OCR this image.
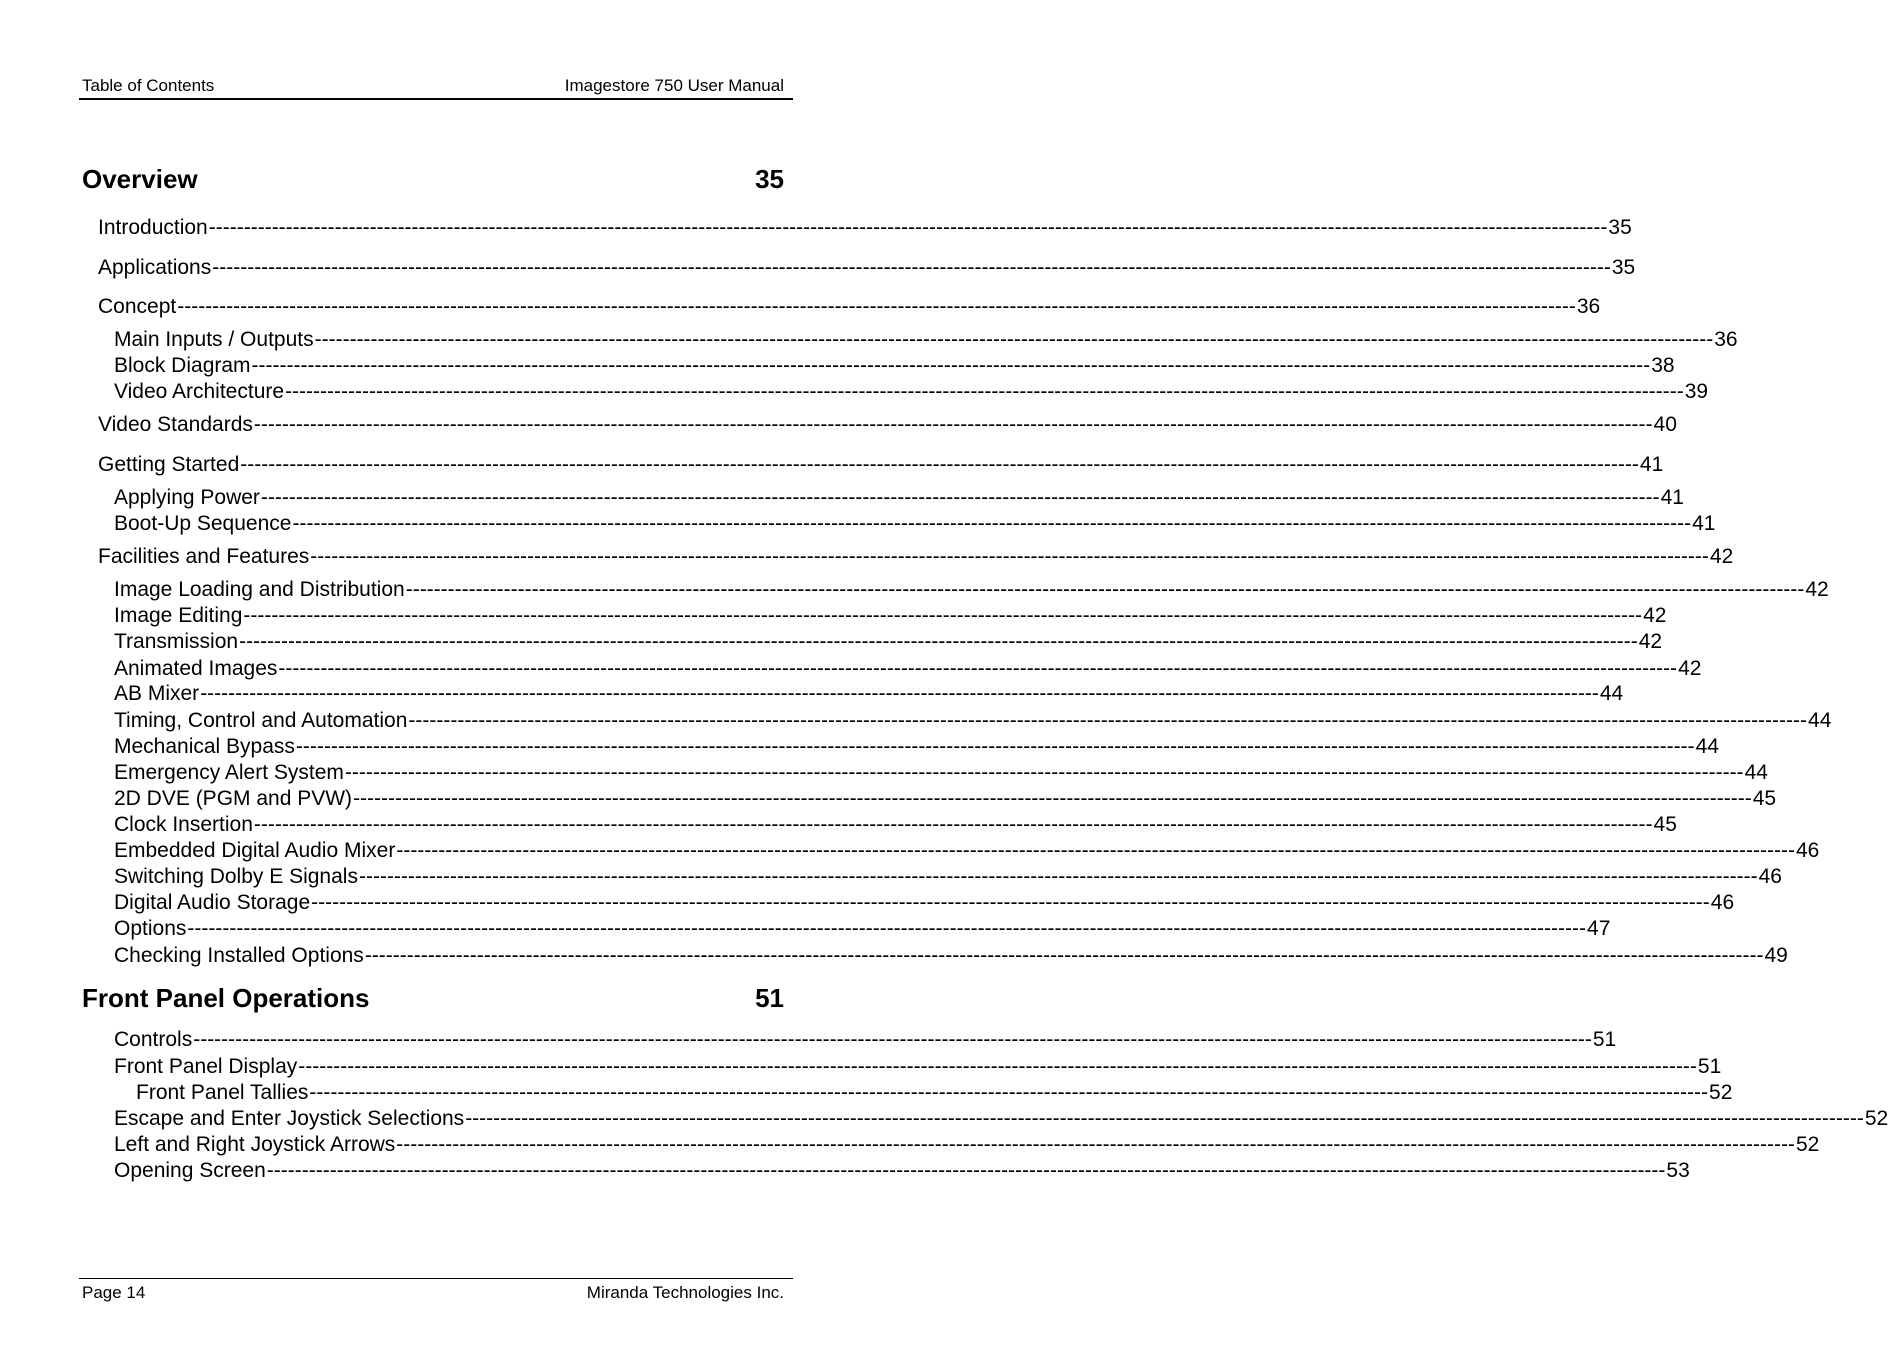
Table of Contents	Imagestore 750 User Manual
Overview	35
Introduction -------------------------------------------------------------------------------------------------------------------------------------------------------------------------------------------------------- 35
Applications -------------------------------------------------------------------------------------------------------------------------------------------------------------------------------------------------------- 35
Concept -------------------------------------------------------------------------------------------------------------------------------------------------------------------------------------------------------- 36
Main Inputs / Outputs -------------------------------------------------------------------------------------------------------------------------------------------------------------------------------------------------------- 36
Block Diagram -------------------------------------------------------------------------------------------------------------------------------------------------------------------------------------------------------- 38
Video Architecture -------------------------------------------------------------------------------------------------------------------------------------------------------------------------------------------------------- 39
Video Standards -------------------------------------------------------------------------------------------------------------------------------------------------------------------------------------------------------- 40
Getting Started -------------------------------------------------------------------------------------------------------------------------------------------------------------------------------------------------------- 41
Applying Power -------------------------------------------------------------------------------------------------------------------------------------------------------------------------------------------------------- 41
Boot-Up Sequence -------------------------------------------------------------------------------------------------------------------------------------------------------------------------------------------------------- 41
Facilities and Features -------------------------------------------------------------------------------------------------------------------------------------------------------------------------------------------------------- 42
Image Loading and Distribution -------------------------------------------------------------------------------------------------------------------------------------------------------------------------------------------------------- 42
Image Editing -------------------------------------------------------------------------------------------------------------------------------------------------------------------------------------------------------- 42
Transmission -------------------------------------------------------------------------------------------------------------------------------------------------------------------------------------------------------- 42
Animated Images -------------------------------------------------------------------------------------------------------------------------------------------------------------------------------------------------------- 42
AB Mixer -------------------------------------------------------------------------------------------------------------------------------------------------------------------------------------------------------- 44
Timing, Control and Automation -------------------------------------------------------------------------------------------------------------------------------------------------------------------------------------------------------- 44
Mechanical Bypass -------------------------------------------------------------------------------------------------------------------------------------------------------------------------------------------------------- 44
Emergency Alert System -------------------------------------------------------------------------------------------------------------------------------------------------------------------------------------------------------- 44
2D DVE (PGM and PVW) -------------------------------------------------------------------------------------------------------------------------------------------------------------------------------------------------------- 45
Clock Insertion -------------------------------------------------------------------------------------------------------------------------------------------------------------------------------------------------------- 45
Embedded Digital Audio Mixer -------------------------------------------------------------------------------------------------------------------------------------------------------------------------------------------------------- 46
Switching Dolby E Signals -------------------------------------------------------------------------------------------------------------------------------------------------------------------------------------------------------- 46
Digital Audio Storage -------------------------------------------------------------------------------------------------------------------------------------------------------------------------------------------------------- 46
Options -------------------------------------------------------------------------------------------------------------------------------------------------------------------------------------------------------- 47
Checking Installed Options -------------------------------------------------------------------------------------------------------------------------------------------------------------------------------------------------------- 49
Front Panel Operations	51
Controls -------------------------------------------------------------------------------------------------------------------------------------------------------------------------------------------------------- 51
Front Panel Display -------------------------------------------------------------------------------------------------------------------------------------------------------------------------------------------------------- 51
Front Panel Tallies -------------------------------------------------------------------------------------------------------------------------------------------------------------------------------------------------------- 52
Escape and Enter Joystick Selections -------------------------------------------------------------------------------------------------------------------------------------------------------------------------------------------------------- 52
Left and Right Joystick Arrows -------------------------------------------------------------------------------------------------------------------------------------------------------------------------------------------------------- 52
Opening Screen -------------------------------------------------------------------------------------------------------------------------------------------------------------------------------------------------------- 53
Page 14	Miranda Technologies Inc.
